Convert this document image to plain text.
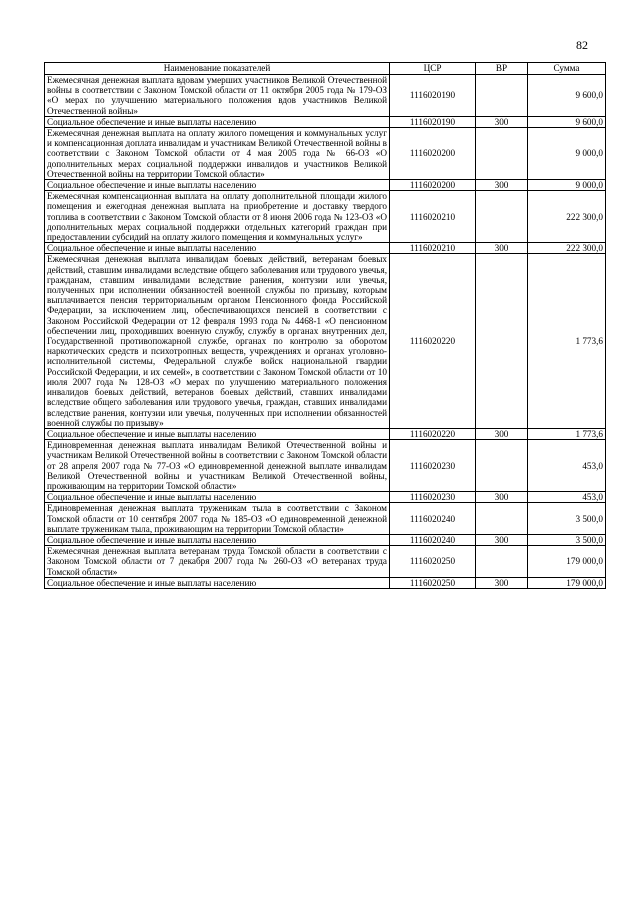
82
Наименование показателей	ЦСР	ВР	Сумма
Ежемесячная денежная выплата вдовам умерших участников Великой Отечественной войны в соответствии с Законом Томской области от 11 октября 2005 года № 179-ОЗ «О мерах по улучшению материального положения вдов участников Великой Отечественной войны»	1116020190		9 600,0
Социальное обеспечение и иные выплаты населению	1116020190	300	9 600,0
Ежемесячная денежная выплата на оплату жилого помещения и коммунальных услуг и компенсационная доплата инвалидам и участникам Великой Отечественной войны в соответствии с Законом Томской области от 4 мая 2005 года № 66-ОЗ «О дополнительных мерах социальной поддержки инвалидов и участников Великой Отечественной войны на территории Томской области»	1116020200		9 000,0
Социальное обеспечение и иные выплаты населению	1116020200	300	9 000,0
Ежемесячная компенсационная выплата на оплату дополнительной площади жилого помещения и ежегодная денежная выплата на приобретение и доставку твердого топлива в соответствии с Законом Томской области от 8 июня 2006 года № 123-ОЗ «О дополнительных мерах социальной поддержки отдельных категорий граждан при предоставлении субсидий на оплату жилого помещения и коммунальных услуг»	1116020210		222 300,0
Социальное обеспечение и иные выплаты населению	1116020210	300	222 300,0
Ежемесячная денежная выплата инвалидам боевых действий, ветеранам боевых действий, ставшим инвалидами вследствие общего заболевания или трудового увечья, гражданам, ставшим инвалидами вследствие ранения, контузии или увечья, полученных при исполнении обязанностей военной службы по призыву, которым выплачивается пенсия территориальным органом Пенсионного фонда Российской Федерации, за исключением лиц, обеспечивающихся пенсией в соответствии с Законом Российской Федерации от 12 февраля 1993 года № 4468-1 «О пенсионном обеспечении лиц, проходивших военную службу, службу в органах внутренних дел, Государственной противопожарной службе, органах по контролю за оборотом наркотических средств и психотропных веществ, учреждениях и органах уголовно-исполнительной системы, Федеральной службе войск национальной гвардии Российской Федерации, и их семей», в соответствии с Законом Томской области от 10 июля 2007 года № 128-ОЗ «О мерах по улучшению материального положения инвалидов боевых действий, ветеранов боевых действий, ставших инвалидами вследствие общего заболевания или трудового увечья, граждан, ставших инвалидами вследствие ранения, контузии или увечья, полученных при исполнении обязанностей военной службы по призыву»	1116020220		1 773,6
Социальное обеспечение и иные выплаты населению	1116020220	300	1 773,6
Единовременная денежная выплата инвалидам Великой Отечественной войны и участникам Великой Отечественной войны в соответствии с Законом Томской области от 28 апреля 2007 года № 77-ОЗ «О единовременной денежной выплате инвалидам Великой Отечественной войны и участникам Великой Отечественной войны, проживающим на территории Томской области»	1116020230		453,0
Социальное обеспечение и иные выплаты населению	1116020230	300	453,0
Единовременная денежная выплата труженикам тыла в соответствии с Законом Томской области от 10 сентября 2007 года № 185-ОЗ «О единовременной денежной выплате труженикам тыла, проживающим на территории Томской области»	1116020240		3 500,0
Социальное обеспечение и иные выплаты населению	1116020240	300	3 500,0
Ежемесячная денежная выплата ветеранам труда Томской области в соответствии с Законом Томской области от 7 декабря 2007 года № 260-ОЗ «О ветеранах труда Томской области»	1116020250		179 000,0
Социальное обеспечение и иные выплаты населению	1116020250	300	179 000,0
